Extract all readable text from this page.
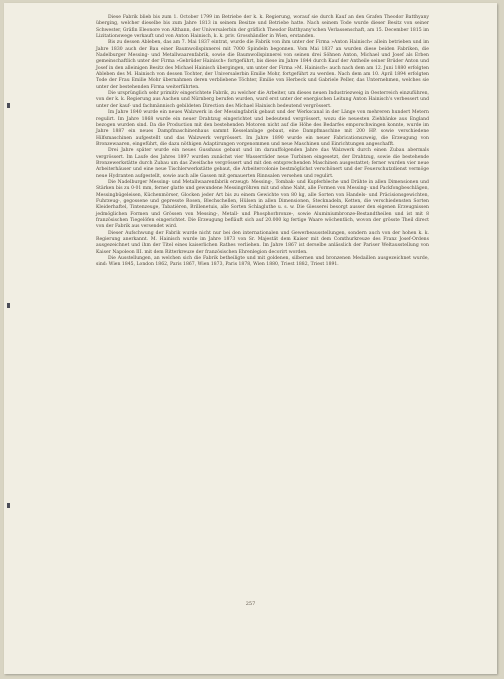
Diese Fabrik blieb bis zum 1. October 1799 im Betriebe der k. k. Regierung, worauf sie durch Kauf an den Grafen Theodor Batthyany überging, welcher dieselbe bis zum Jahre 1813 in seinem Besitze und Betriebe hatte. Nach seinem Tode wurde dieser Besitz von seiner Schwester, Gräfin Eleonore von Althann, der Universalerbin der gräflich Theodor Batthyany'schen Verlassenschaft, am 15. December 1815 im Lizitationswege verkauft und von Anton Hainisch, k. k. priv. Grosshändler in Wien, erstanden.

Bis zu dessen Ableben, das am 7. Mai 1837 eintrat, wurde die Fabrik von ihm unter der Firma »Anton Hainisch« allein betrieben und im Jahre 1830 auch der Bau einer Baumwollspinnerei mit 7000 Spindeln begonnen. Vom Mai 1837 an wurden diese beiden Fabriken, die Nadelburger Messing- und Metallwaarenfabrik, sowie die Baumwollspinnerei von seinen drei Söhnen Anton, Michael und Josef als Erben gemeinschaftlich unter der Firma »Gebrüder Hainisch« fortgeführt, bis diese im Jahre 1844 durch Kauf der Antheile seiner Brüder Anton und Josef in den alleinigen Besitz des Michael Hainisch übergingen, um unter der Firma »M. Hainisch« auch nach dem am 12. Juni 1880 erfolgten Ableben des M. Hainisch von dessen Tochter, der Universalerbin Emilie Mohr, fortgeführt zu werden. Nach dem am 10. April 1894 erfolgten Tode der Frau Emilie Mohr übernahmen deren verbliebene Töchter, Emilie von Herbeck und Gabriele Peller, das Unternehmen, welches sie unter der bestehenden Firma weiterführten.

Die ursprünglich sehr primitiv eingerichtete Fabrik, zu welcher die Arbeiter, um dieses neuen Industriezweig in Oesterreich einzuführen, von der k. k. Regierung aus Aachen und Nürnberg berufen wurden, ward erst unter der energischen Leitung Anton Hainisch's verbessert und unter der kauf- und fachmännisch gebildeten Direction des Michael Hainisch bedeutend vergrössert.

Im Jahre 1840 wurde ein neues Walzwerk in der Messingfabrik gebaut und der Werkscanal in der Länge von mehreren hundert Metern regulirt. Im Jahre 1868 wurde ein neuer Drahtzug eingerichtet und bedeutend vergrössert, wozu die neuesten Ziehbänke aus England bezogen wurden sind. Da die Production mit den bestehenden Motoren nicht auf die Höhe des Bedarfes emporschwingen konnte, wurde im Jahre 1887 ein neues Dampfmaschinenhaus sammt Kesselanlage gebaut, eine Dampfmaschine mit 200 HP. sowie verschiedene Hilfsmaschinen aufgestellt und das Walzwerk vergrössert. Im Jahre 1890 wurde ein neuer Fabricationszweig, die Erzeugung von Bronzewaaren, eingeführt, die dazu nöthigen Adaptirungen vorgenommen und neue Maschinen und Einrichtungen angeschafft.

Drei Jahre später wurde ein neues Gusshaus gebaut und im darauffolgenden Jahre das Walzwerk durch einen Zubau abermals vergrössert. Im Laufe des Jahres 1897 wurden zunächst vier Wasserräder neue Turbinen eingesetzt, der Drahtzug, sowie die bestehende Bronzewerkstätte durch Zubau um das Zweifache vergrössert und mit den entsprechenden Maschinen ausgestattet; ferner wurden vier neue Arbeiterhäuser und eine neue Tischlerwerkstätte gebaut, die Arbeitercolonie bestmöglichst verschönert und der Feuerschutzdienst vermöge neue Hydranten aufgestellt, sowie auch alle Gassen mit gemauerten Rinnsalen versehen und regulirt.

Die Nadelburger Messing- und Metallwaarenfabrik erzeugt: Messing-, Tombak- und Kupferbleche und Drähte in allen Dimensionen und Stärken bis zu 0·01 mm, ferner glatte und gewundene Messingröhren mit und ohne Naht, alle Formen von Messing- und Packfongbeschlägen, Messingbügeleisen, Küchenmörser, Glocken jeder Art bis zu einem Gewichte von 80 kg, alle Sorten von Handels- und Präcisionsgewichten, Fuhrzeug-, gegossene und gepresste Rosen, Blechschellen, Hülsen in allen Dimensionen, Stecknadeln, Ketten, die verschiedensten Sorten Kleiderhaftel, Tintenzeuge, Tabatièren, Brillenetuis, alle Sorten Schlagluthe u. s. w. Die Giesserei besorgt ausser den eigenen Erzeugnissen jedmöglichen Formen und Grössen von Messing-, Metall- und Phosphorbronze-, sowie Aluminiumbronze-Bestandtheilen und ist mit 8 französischen Tiegelöfen eingerichtet. Die Erzeugung befläuft sich auf 20.000 kg fertige Waare wöchentlich, wovon der grösste Theil direct von der Fabrik aus versendet wird.

Dieser Aufschwung der Fabrik wurde nicht nur bei den internationalen und Gewerbeausstellungen, sondern auch von der hohen k. k. Regierung anerkannt. M. Hainisch wurde im Jahre 1873 von Sr. Majestät dem Kaiser mit dem Comthurkreuze des Franz Josef-Ordens ausgezeichnet und ihm der Titel eines kaiserlichen Rathes verliehen. Im Jahre 1867 ist derselbe anlässlich der Pariser Weltausstellung von Kaiser Napoleon III. mit dem Ritterkreuze der französischen Ehrenlegion decorirt worden.

Die Ausstellungen, an welchen sich die Fabrik betheiligte und mit goldenen, silbernen und bronzenen Medaillen ausgezeichnet wurde, sind: Wien 1845, London 1862, Paris 1867, Wien 1873, Paris 1878, Wien 1880, Triest 1882, Triest 1891.

257
